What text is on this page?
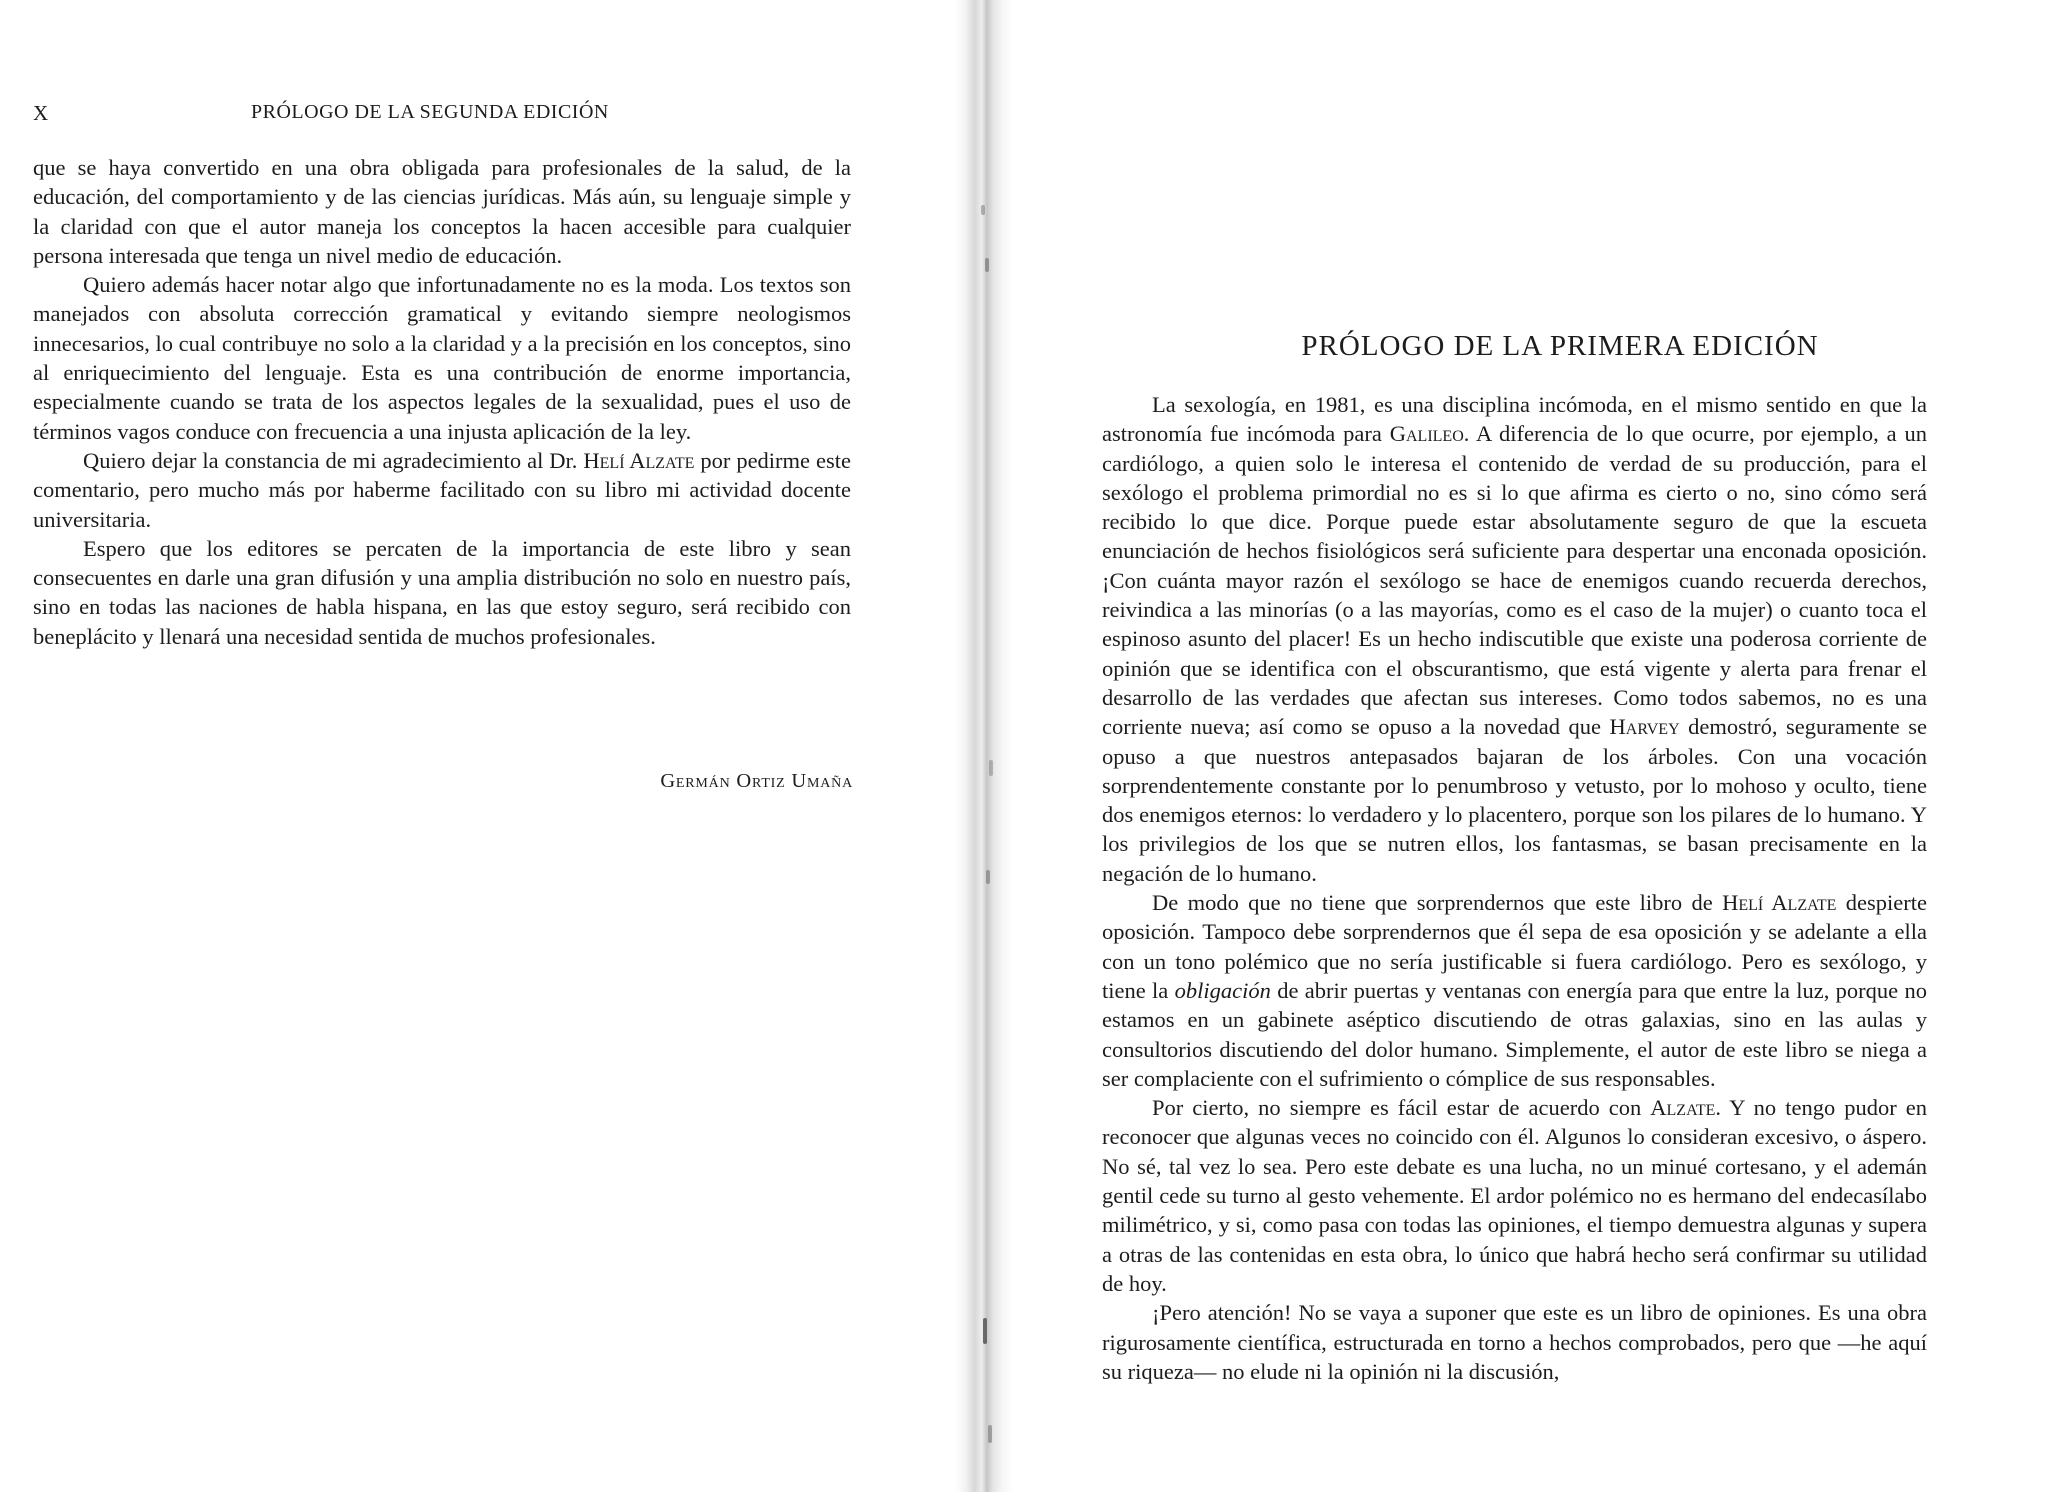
X	PRÓLOGO DE LA SEGUNDA EDICIÓN

que se haya convertido en una obra obligada para profesionales de la salud, de la educación, del comportamiento y de las ciencias jurídicas. Más aún, su lenguaje simple y la claridad con que el autor maneja los conceptos la hacen accesible para cualquier persona interesada que tenga un nivel medio de educación.

Quiero además hacer notar algo que infortunadamente no es la moda. Los textos son manejados con absoluta corrección gramatical y evitando siempre neologismos innecesarios, lo cual contribuye no solo a la claridad y a la precisión en los conceptos, sino al enriquecimiento del lenguaje. Esta es una contribución de enorme importancia, especialmente cuando se trata de los aspectos legales de la sexualidad, pues el uso de términos vagos conduce con frecuencia a una injusta aplicación de la ley.

Quiero dejar la constancia de mi agradecimiento al Dr. Helí Alzate por pedirme este comentario, pero mucho más por haberme facilitado con su libro mi actividad docente universitaria.

Espero que los editores se percaten de la importancia de este libro y sean consecuentes en darle una gran difusión y una amplia distribución no solo en nuestro país, sino en todas las naciones de habla hispana, en las que estoy seguro, será recibido con beneplácito y llenará una necesidad sentida de muchos profesionales.

Germán Ortiz Umaña
PRÓLOGO DE LA PRIMERA EDICIÓN

La sexología, en 1981, es una disciplina incómoda, en el mismo sentido en que la astronomía fue incómoda para Galileo. A diferencia de lo que ocurre, por ejemplo, a un cardiólogo, a quien solo le interesa el contenido de verdad de su producción, para el sexólogo el problema primordial no es si lo que afirma es cierto o no, sino cómo será recibido lo que dice. Porque puede estar absolutamente seguro de que la escueta enunciación de hechos fisiológicos será suficiente para despertar una enconada oposición. ¡Con cuánta mayor razón el sexólogo se hace de enemigos cuando recuerda derechos, reivindica a las minorías (o a las mayorías, como es el caso de la mujer) o cuanto toca el espinoso asunto del placer! Es un hecho indiscutible que existe una poderosa corriente de opinión que se identifica con el obscurantismo, que está vigente y alerta para frenar el desarrollo de las verdades que afectan sus intereses. Como todos sabemos, no es una corriente nueva; así como se opuso a la novedad que Harvey demostró, seguramente se opuso a que nuestros antepasados bajaran de los árboles. Con una vocación sorprendentemente constante por lo penumbroso y vetusto, por lo mohoso y oculto, tiene dos enemigos eternos: lo verdadero y lo placentero, porque son los pilares de lo humano. Y los privilegios de los que se nutren ellos, los fantasmas, se basan precisamente en la negación de lo humano.

De modo que no tiene que sorprendernos que este libro de Helí Alzate despierte oposición. Tampoco debe sorprendernos que él sepa de esa oposición y se adelante a ella con un tono polémico que no sería justificable si fuera cardiólogo. Pero es sexólogo, y tiene la obligación de abrir puertas y ventanas con energía para que entre la luz, porque no estamos en un gabinete aséptico discutiendo de otras galaxias, sino en las aulas y consultorios discutiendo del dolor humano. Simplemente, el autor de este libro se niega a ser complaciente con el sufrimiento o cómplice de sus responsables.

Por cierto, no siempre es fácil estar de acuerdo con Alzate. Y no tengo pudor en reconocer que algunas veces no coincido con él. Algunos lo consideran excesivo, o áspero. No sé, tal vez lo sea. Pero este debate es una lucha, no un minué cortesano, y el ademán gentil cede su turno al gesto vehemente. El ardor polémico no es hermano del endecasílabo milimétrico, y si, como pasa con todas las opiniones, el tiempo demuestra algunas y supera a otras de las contenidas en esta obra, lo único que habrá hecho será confirmar su utilidad de hoy.

¡Pero atención! No se vaya a suponer que este es un libro de opiniones. Es una obra rigurosamente científica, estructurada en torno a hechos comprobados, pero que —he aquí su riqueza— no elude ni la opinión ni la discusión,
